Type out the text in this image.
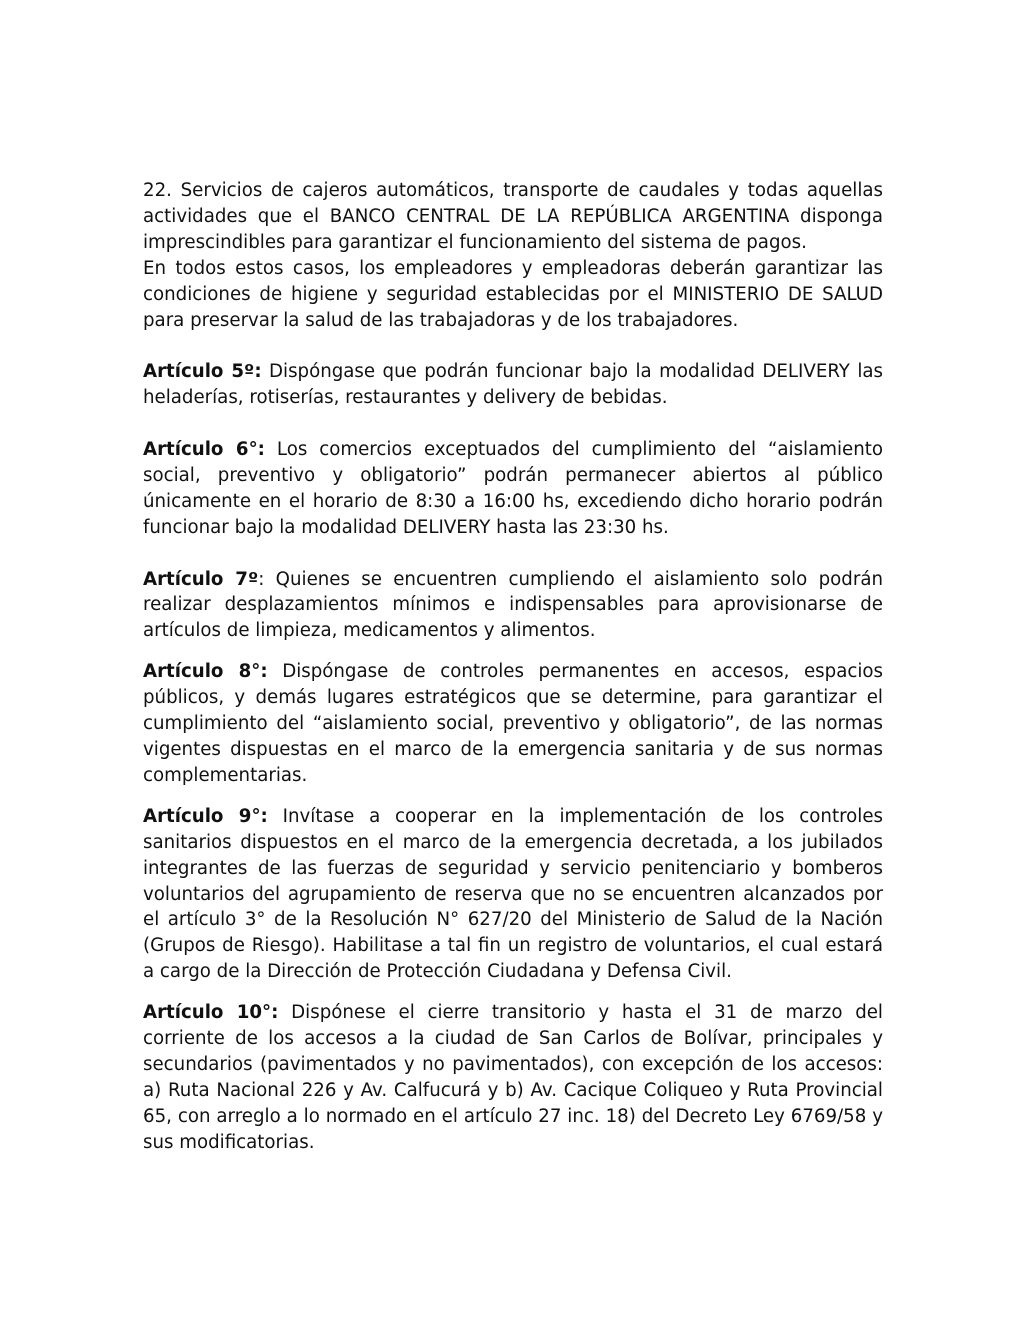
22. Servicios de cajeros automáticos, transporte de caudales y todas aquellas actividades que el BANCO CENTRAL DE LA REPÚBLICA ARGENTINA disponga imprescindibles para garantizar el funcionamiento del sistema de pagos.

En todos estos casos, los empleadores y empleadoras deberán garantizar las condiciones de higiene y seguridad establecidas por el MINISTERIO DE SALUD para preservar la salud de las trabajadoras y de los trabajadores.

Artículo 5º: Dispóngase que podrán funcionar bajo la modalidad DELIVERY las heladerías, rotiserías, restaurantes y delivery de bebidas.

Artículo 6°: Los comercios exceptuados del cumplimiento del “aislamiento social, preventivo y obligatorio” podrán permanecer abiertos al público únicamente en el horario de 8:30 a 16:00 hs, excediendo dicho horario podrán funcionar bajo la modalidad DELIVERY hasta las 23:30 hs.

Artículo 7º: Quienes se encuentren cumpliendo el aislamiento solo podrán realizar desplazamientos mínimos e indispensables para aprovisionarse de artículos de limpieza, medicamentos y alimentos.

Artículo 8°: Dispóngase de controles permanentes en accesos, espacios públicos, y demás lugares estratégicos que se determine, para garantizar el cumplimiento del “aislamiento social, preventivo y obligatorio”, de las normas vigentes dispuestas en el marco de la emergencia sanitaria y de sus normas complementarias.

Artículo 9°: Invítase a cooperar en la implementación de los controles sanitarios dispuestos en el marco de la emergencia decretada, a los jubilados integrantes de las fuerzas de seguridad y servicio penitenciario y bomberos voluntarios del agrupamiento de reserva que no se encuentren alcanzados por el artículo 3° de la Resolución N° 627/20 del Ministerio de Salud de la Nación (Grupos de Riesgo). Habilitase a tal fin un registro de voluntarios, el cual estará a cargo de la Dirección de Protección Ciudadana y Defensa Civil.

Artículo 10°: Dispónese el cierre transitorio y hasta el 31 de marzo del corriente de los accesos a la ciudad de San Carlos de Bolívar, principales y secundarios (pavimentados y no pavimentados), con excepción de los accesos: a) Ruta Nacional 226 y Av. Calfucurá y b) Av. Cacique Coliqueo y Ruta Provincial 65, con arreglo a lo normado en el artículo 27 inc. 18) del Decreto Ley 6769/58 y sus modificatorias.
